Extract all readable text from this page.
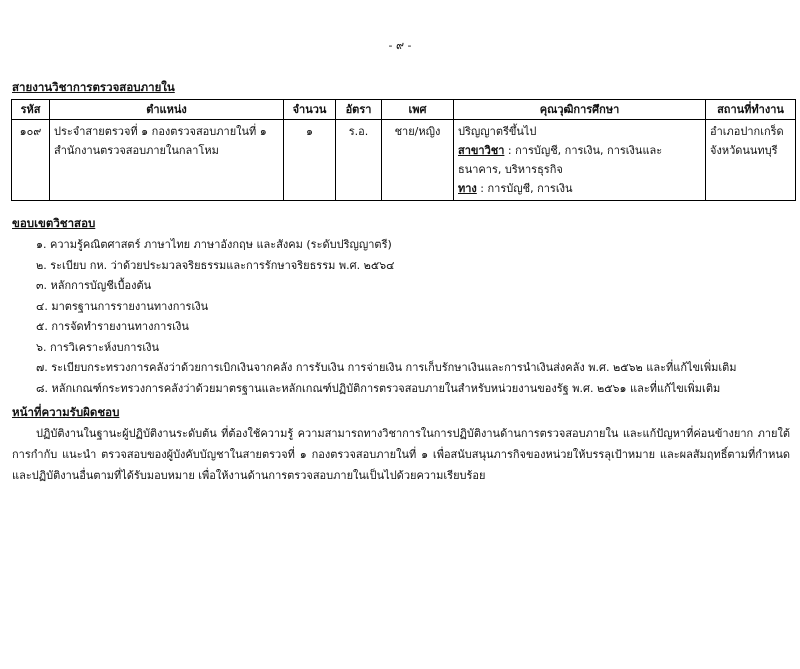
- ๙ -
สายงานวิชาการตรวจสอบภายใน
รหัส	ตำแหน่ง	จำนวน	อัตรา	เพศ	คุณวุฒิการศึกษา	สถานที่ทำงาน
๑๐๙	ประจำสายตรวจที่ ๑ กองตรวจสอบภายในที่ ๑ สำนักงานตรวจสอบภายในกลาโหม	๑	ร.อ.	ชาย/หญิง	ปริญญาตรีขึ้นไป
สาขาวิชา : การบัญชี, การเงิน, การเงินและธนาคาร, บริหารธุรกิจ
ทาง : การบัญชี, การเงิน	อำเภอปากเกร็ด จังหวัดนนทบุรี
ขอบเขตวิชาสอบ
๑. ความรู้คณิตศาสตร์ ภาษาไทย ภาษาอังกฤษ และสังคม (ระดับปริญญาตรี)
๒. ระเบียบ กห. ว่าด้วยประมวลจริยธรรมและการรักษาจริยธรรม พ.ศ. ๒๕๖๔
๓. หลักการบัญชีเบื้องต้น
๔. มาตรฐานการรายงานทางการเงิน
๕. การจัดทำรายงานทางการเงิน
๖. การวิเคราะห์งบการเงิน
๗. ระเบียบกระทรวงการคลังว่าด้วยการเบิกเงินจากคลัง การรับเงิน การจ่ายเงิน การเก็บรักษาเงินและการนำเงินส่งคลัง พ.ศ. ๒๕๖๒ และที่แก้ไขเพิ่มเติม
๘. หลักเกณฑ์กระทรวงการคลังว่าด้วยมาตรฐานและหลักเกณฑ์ปฏิบัติการตรวจสอบภายในสำหรับหน่วยงานของรัฐ พ.ศ. ๒๕๖๑ และที่แก้ไขเพิ่มเติม
หน้าที่ความรับผิดชอบ

ปฏิบัติงานในฐานะผู้ปฏิบัติงานระดับต้น ที่ต้องใช้ความรู้ ความสามารถทางวิชาการในการปฏิบัติงานด้านการตรวจสอบภายใน และแก้ปัญหาที่ค่อนข้างยาก ภายใต้การกำกับ แนะนำ ตรวจสอบของผู้บังคับบัญชาในสายตรวจที่ ๑ กองตรวจสอบภายในที่ ๑ เพื่อสนับสนุนภารกิจของหน่วยให้บรรลุเป้าหมาย และผลสัมฤทธิ์ตามที่กำหนด และปฏิบัติงานอื่นตามที่ได้รับมอบหมาย เพื่อให้งานด้านการตรวจสอบภายในเป็นไปด้วยความเรียบร้อย
